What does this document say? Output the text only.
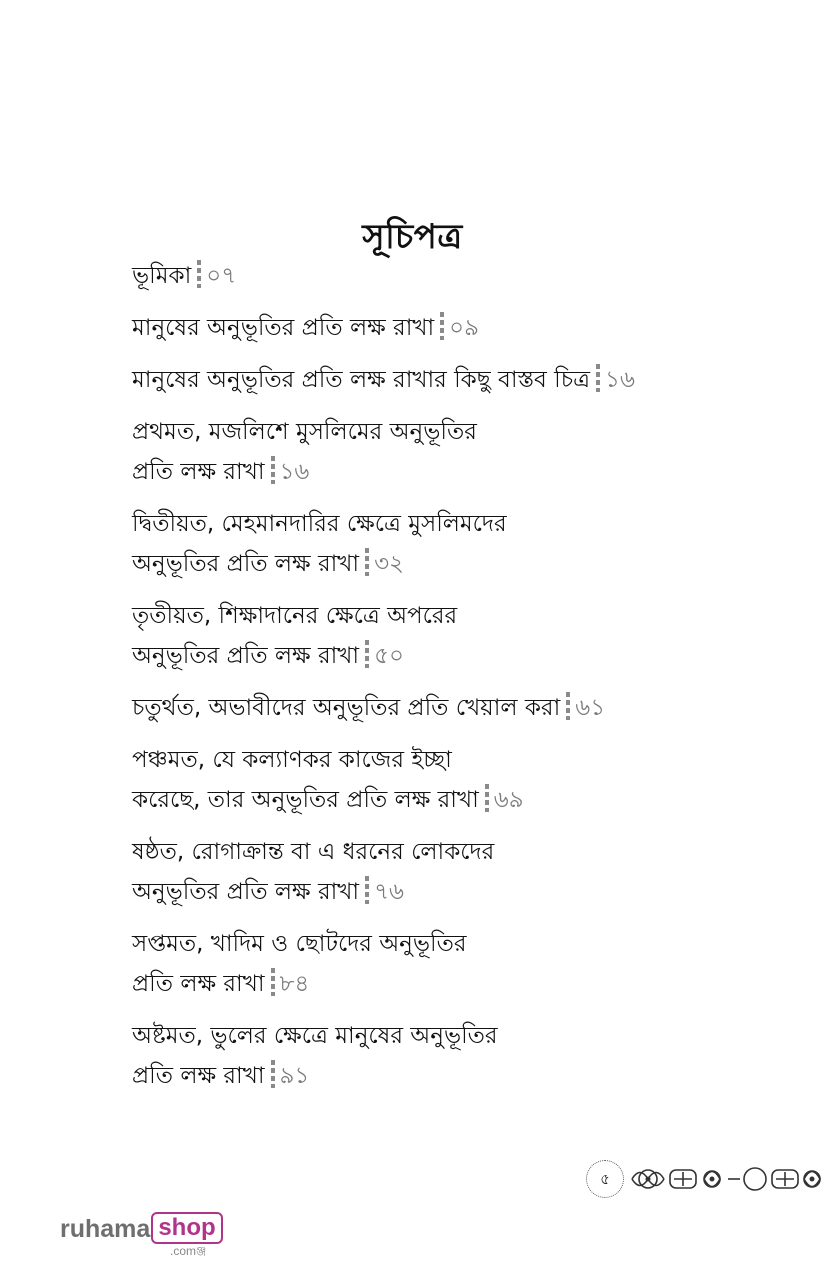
সূচিপত্র
ভূমিকা ০৭
মানুষের অনুভূতির প্রতি লক্ষ রাখা ০৯
মানুষের অনুভূতির প্রতি লক্ষ রাখার কিছু বাস্তব চিত্র ১৬
প্রথমত, মজলিশে মুসলিমের অনুভূতির
প্রতি লক্ষ রাখা ১৬
দ্বিতীয়ত, মেহমানদারির ক্ষেত্রে মুসলিমদের
অনুভূতির প্রতি লক্ষ রাখা ৩২
তৃতীয়ত, শিক্ষাদানের ক্ষেত্রে অপরের
অনুভূতির প্রতি লক্ষ রাখা ৫০
চতুর্থত, অভাবীদের অনুভূতির প্রতি খেয়াল করা ৬১
পঞ্চমত, যে কল্যাণকর কাজের ইচ্ছা
করেছে, তার অনুভূতির প্রতি লক্ষ রাখা ৬৯
ষষ্ঠত, রোগাক্রান্ত বা এ ধরনের লোকদের
অনুভূতির প্রতি লক্ষ রাখা ৭৬
সপ্তমত, খাদিম ও ছোটদের অনুভূতির
প্রতি লক্ষ রাখা ৮৪
অষ্টমত, ভুলের ক্ষেত্রে মানুষের অনুভূতির
প্রতি লক্ষ রাখা ৯১
৫
ruhama shop
.comঞ্জ
